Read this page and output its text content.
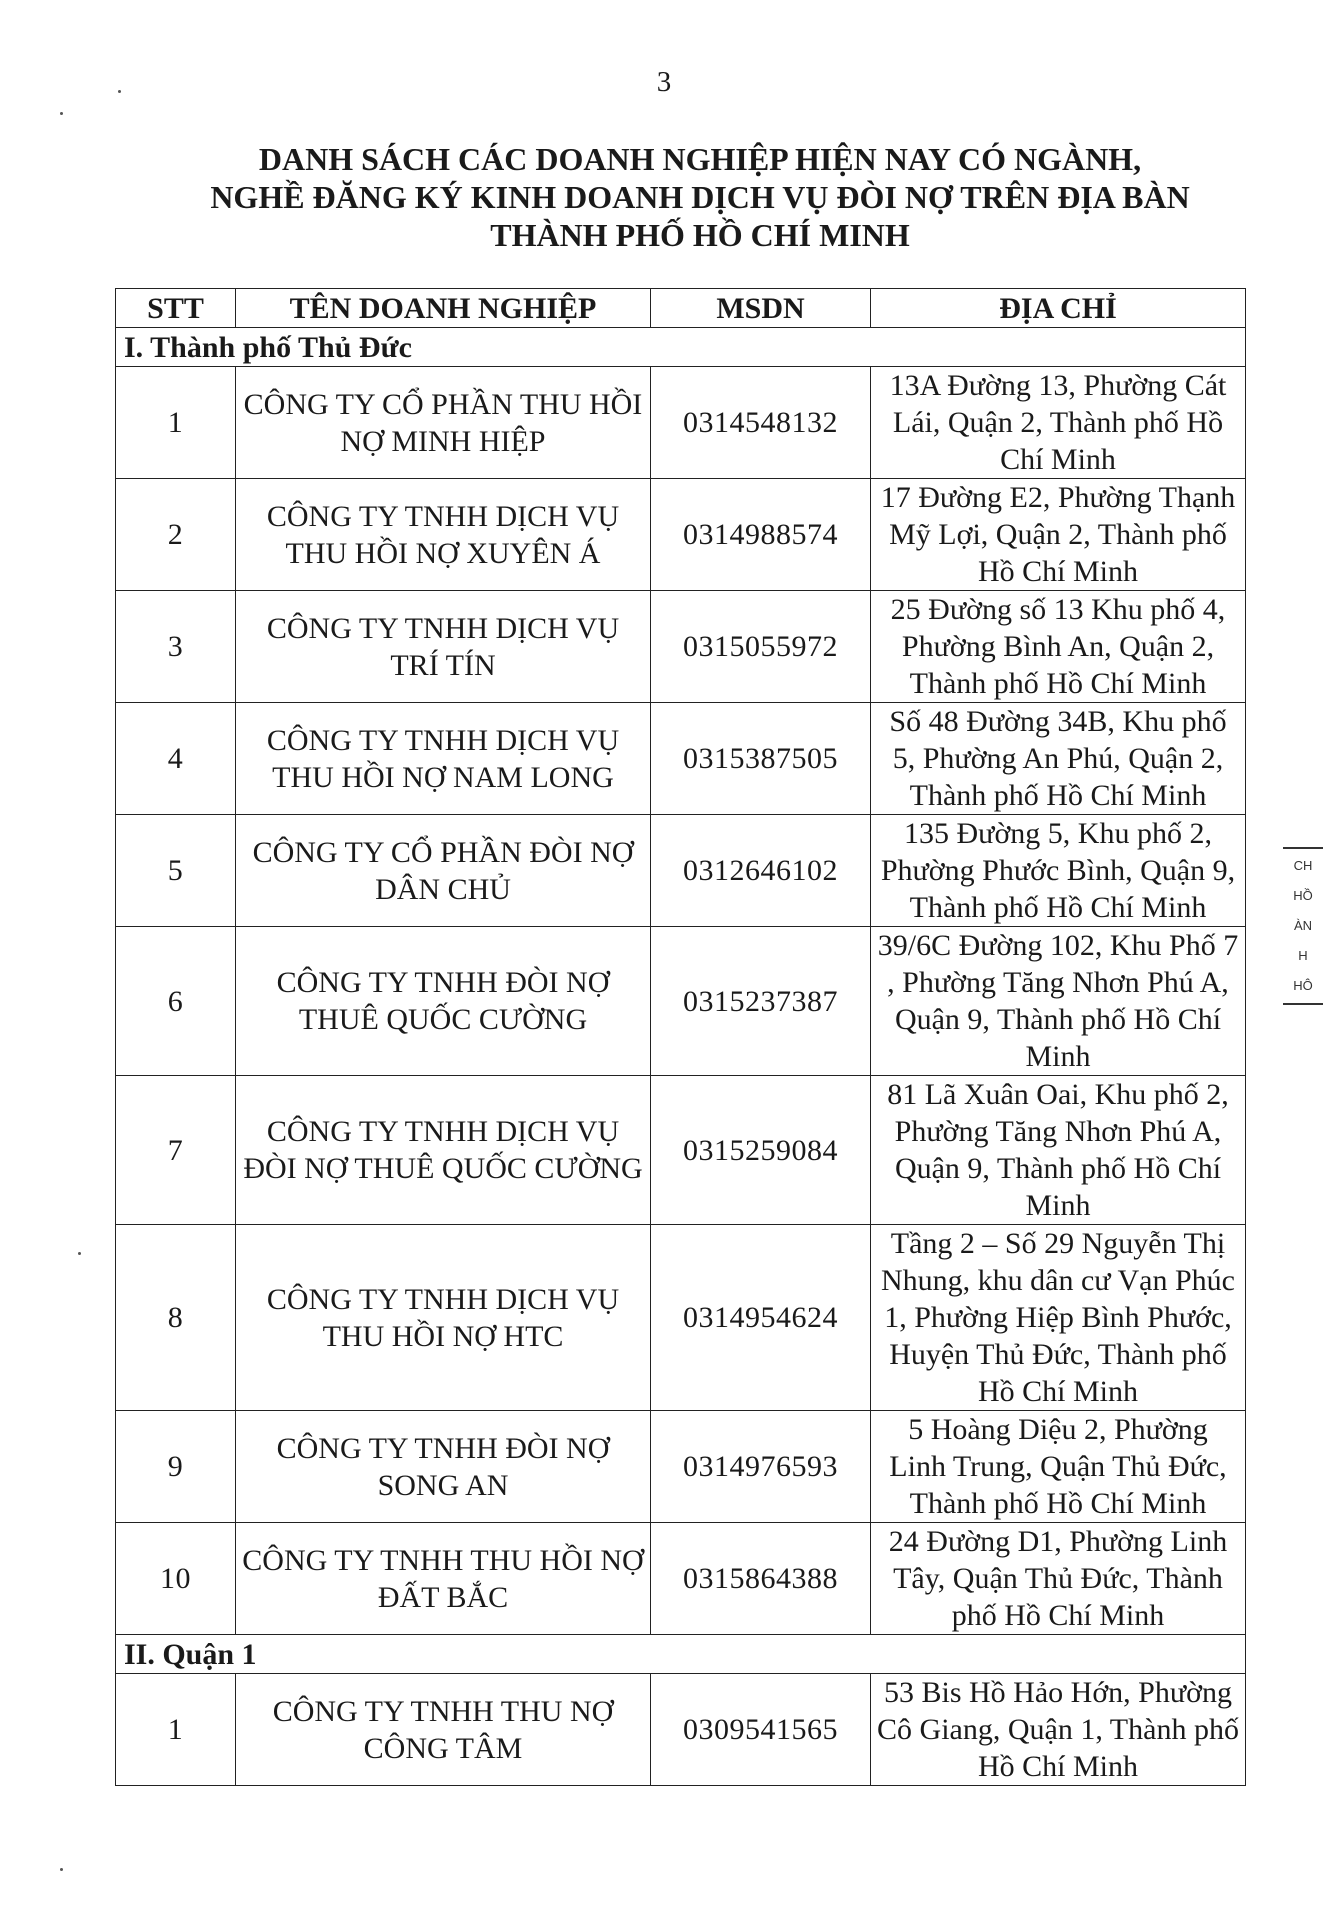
3
DANH SÁCH CÁC DOANH NGHIỆP HIỆN NAY CÓ NGÀNH,
NGHỀ ĐĂNG KÝ KINH DOANH DỊCH VỤ ĐÒI NỢ TRÊN ĐỊA BÀN
THÀNH PHỐ HỒ CHÍ MINH
STT	TÊN DOANH NGHIỆP	MSDN	ĐỊA CHỈ
I. Thành phố Thủ Đức			
1	CÔNG TY CỔ PHẦN THU HỒI NỢ MINH HIỆP	0314548132	13A Đường 13, Phường Cát Lái, Quận 2, Thành phố Hồ Chí Minh
2	CÔNG TY TNHH DỊCH VỤ THU HỒI NỢ XUYÊN Á	0314988574	17 Đường E2, Phường Thạnh Mỹ Lợi, Quận 2, Thành phố Hồ Chí Minh
3	CÔNG TY TNHH DỊCH VỤ TRÍ TÍN	0315055972	25 Đường số 13 Khu phố 4, Phường Bình An, Quận 2, Thành phố Hồ Chí Minh
4	CÔNG TY TNHH DỊCH VỤ THU HỒI NỢ NAM LONG	0315387505	Số 48 Đường 34B, Khu phố 5, Phường An Phú, Quận 2, Thành phố Hồ Chí Minh
5	CÔNG TY CỔ PHẦN ĐÒI NỢ DÂN CHỦ	0312646102	135 Đường 5, Khu phố 2, Phường Phước Bình, Quận 9, Thành phố Hồ Chí Minh
6	CÔNG TY TNHH ĐÒI NỢ THUÊ QUỐC CƯỜNG	0315237387	39/6C Đường 102, Khu Phố 7 , Phường Tăng Nhơn Phú A, Quận 9, Thành phố Hồ Chí Minh
7	CÔNG TY TNHH DỊCH VỤ ĐÒI NỢ THUÊ QUỐC CƯỜNG	0315259084	81 Lã Xuân Oai, Khu phố 2, Phường Tăng Nhơn Phú A, Quận 9, Thành phố Hồ Chí Minh
8	CÔNG TY TNHH DỊCH VỤ THU HỒI NỢ HTC	0314954624	Tầng 2 – Số 29 Nguyễn Thị Nhung, khu dân cư Vạn Phúc 1, Phường Hiệp Bình Phước, Huyện Thủ Đức, Thành phố Hồ Chí Minh
9	CÔNG TY TNHH ĐÒI NỢ SONG AN	0314976593	5 Hoàng Diệu 2, Phường Linh Trung, Quận Thủ Đức, Thành phố Hồ Chí Minh
10	CÔNG TY TNHH THU HỒI NỢ ĐẤT BẮC	0315864388	24 Đường D1, Phường Linh Tây, Quận Thủ Đức, Thành phố Hồ Chí Minh
II. Quận 1			
1	CÔNG TY TNHH THU NỢ CÔNG TÂM	0309541565	53 Bis Hồ Hảo Hớn, Phường Cô Giang, Quận 1, Thành phố Hồ Chí Minh
CH
HỒ
ÀN
H
HÔ
